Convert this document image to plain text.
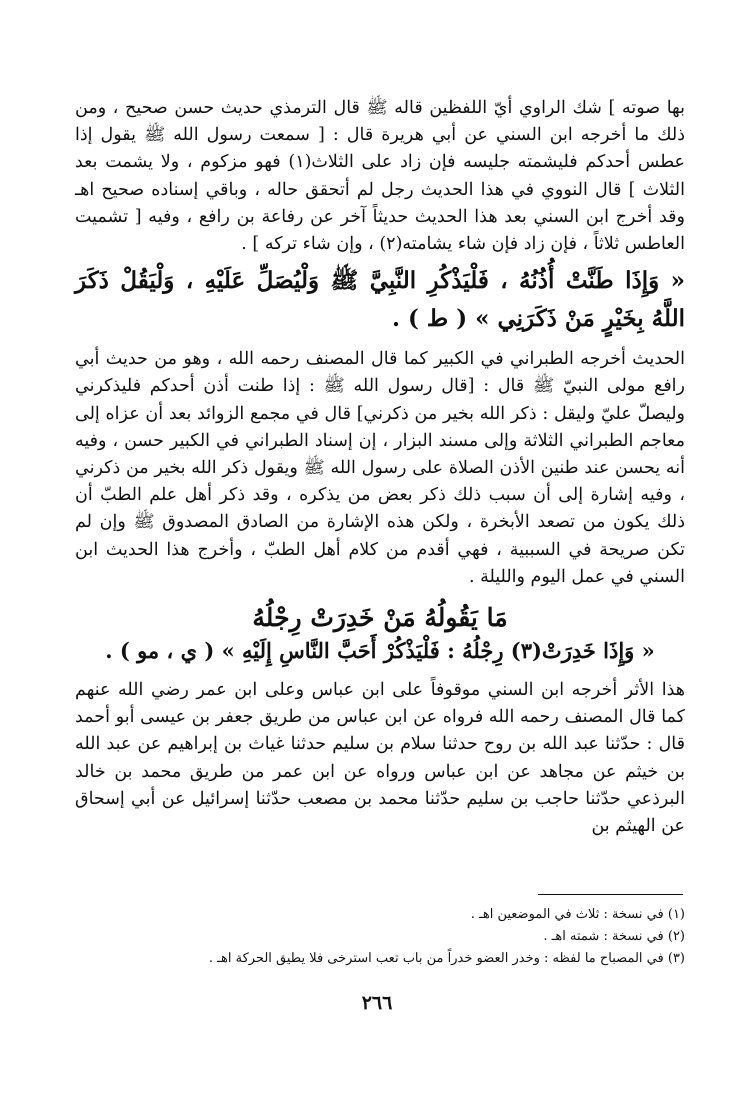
بها صوته ] شك الراوي أيّ اللفظين قاله ﷺ قال الترمذي حديث حسن صحيح ، ومن ذلك ما أخرجه ابن السني عن أبي هريرة قال : [ سمعت رسول الله ﷺ يقول إذا عطس أحدكم فليشمته جليسه فإن زاد على الثلاث(١) فهو مزكوم ، ولا يشمت بعد الثلاث ] قال النووي في هذا الحديث رجل لم أتحقق حاله ، وباقي إسناده صحيح اهـ وقد أخرج ابن السني بعد هذا الحديث حديثاً آخر عن رفاعة بن رافع ، وفيه [ تشميت العاطس ثلاثاً ، فإن زاد فإن شاء يشامته(٢) ، وإن شاء تركه ] .

« وَإِذَا طَنَّتْ أُذُنُهُ ، فَلْيَذْكُرِ النَّبِيَّ ﷺ وَلْيُصَلِّ عَلَيْهِ ، وَلْيَقُلْ ذَكَرَ اللَّهُ بِخَيْرٍ مَنْ ذَكَرَنِي » ( ط ) .

الحديث أخرجه الطبراني في الكبير كما قال المصنف رحمه الله ، وهو من حديث أبي رافع مولى النبيّ ﷺ قال : [قال رسول الله ﷺ : إذا طنت أذن أحدكم فليذكرني وليصلّ عليّ وليقل : ذكر الله بخير من ذكرني] قال في مجمع الزوائد بعد أن عزاه إلى معاجم الطبراني الثلاثة وإلى مسند البزار ، إن إسناد الطبراني في الكبير حسن ، وفيه أنه يحسن عند طنين الأذن الصلاة على رسول الله ﷺ ويقول ذكر الله بخير من ذكرني ، وفيه إشارة إلى أن سبب ذلك ذكر بعض من يذكره ، وقد ذكر أهل علم الطبّ أن ذلك يكون من تصعد الأبخرة ، ولكن هذه الإشارة من الصادق المصدوق ﷺ وإن لم تكن صريحة في السببية ، فهي أقدم من كلام أهل الطبّ ، وأخرج هذا الحديث ابن السني في عمل اليوم والليلة .

مَا يَقُولُهُ مَنْ خَدِرَتْ رِجْلُهُ
« وَإِذَا خَدِرَتْ(٣) رِجْلُهُ : فَلْيَذْكُرْ أَحَبَّ النَّاسِ إِلَيْهِ » ( ي ، مو ) .

هذا الأثر أخرجه ابن السني موقوفاً على ابن عباس وعلى ابن عمر رضي الله عنهم كما قال المصنف رحمه الله فرواه عن ابن عباس من طريق جعفر بن عيسى أبو أحمد قال : حدّثنا عبد الله بن روح حدثنا سلام بن سليم حدثنا غياث بن إبراهيم عن عبد الله بن خيثم عن مجاهد عن ابن عباس ورواه عن ابن عمر من طريق محمد بن خالد البرذعي حدّثنا حاجب بن سليم حدّثنا محمد بن مصعب حدّثنا إسرائيل عن أبي إسحاق عن الهيثم بن

(١) في نسخة : ثلاث في الموضعين اهـ .
(٢) في نسخة : شمته اهـ .
(٣) في المصباح ما لفظه : وخدر العضو خدراً من باب تعب استرخى فلا يطيق الحركة اهـ .
٢٦٦
